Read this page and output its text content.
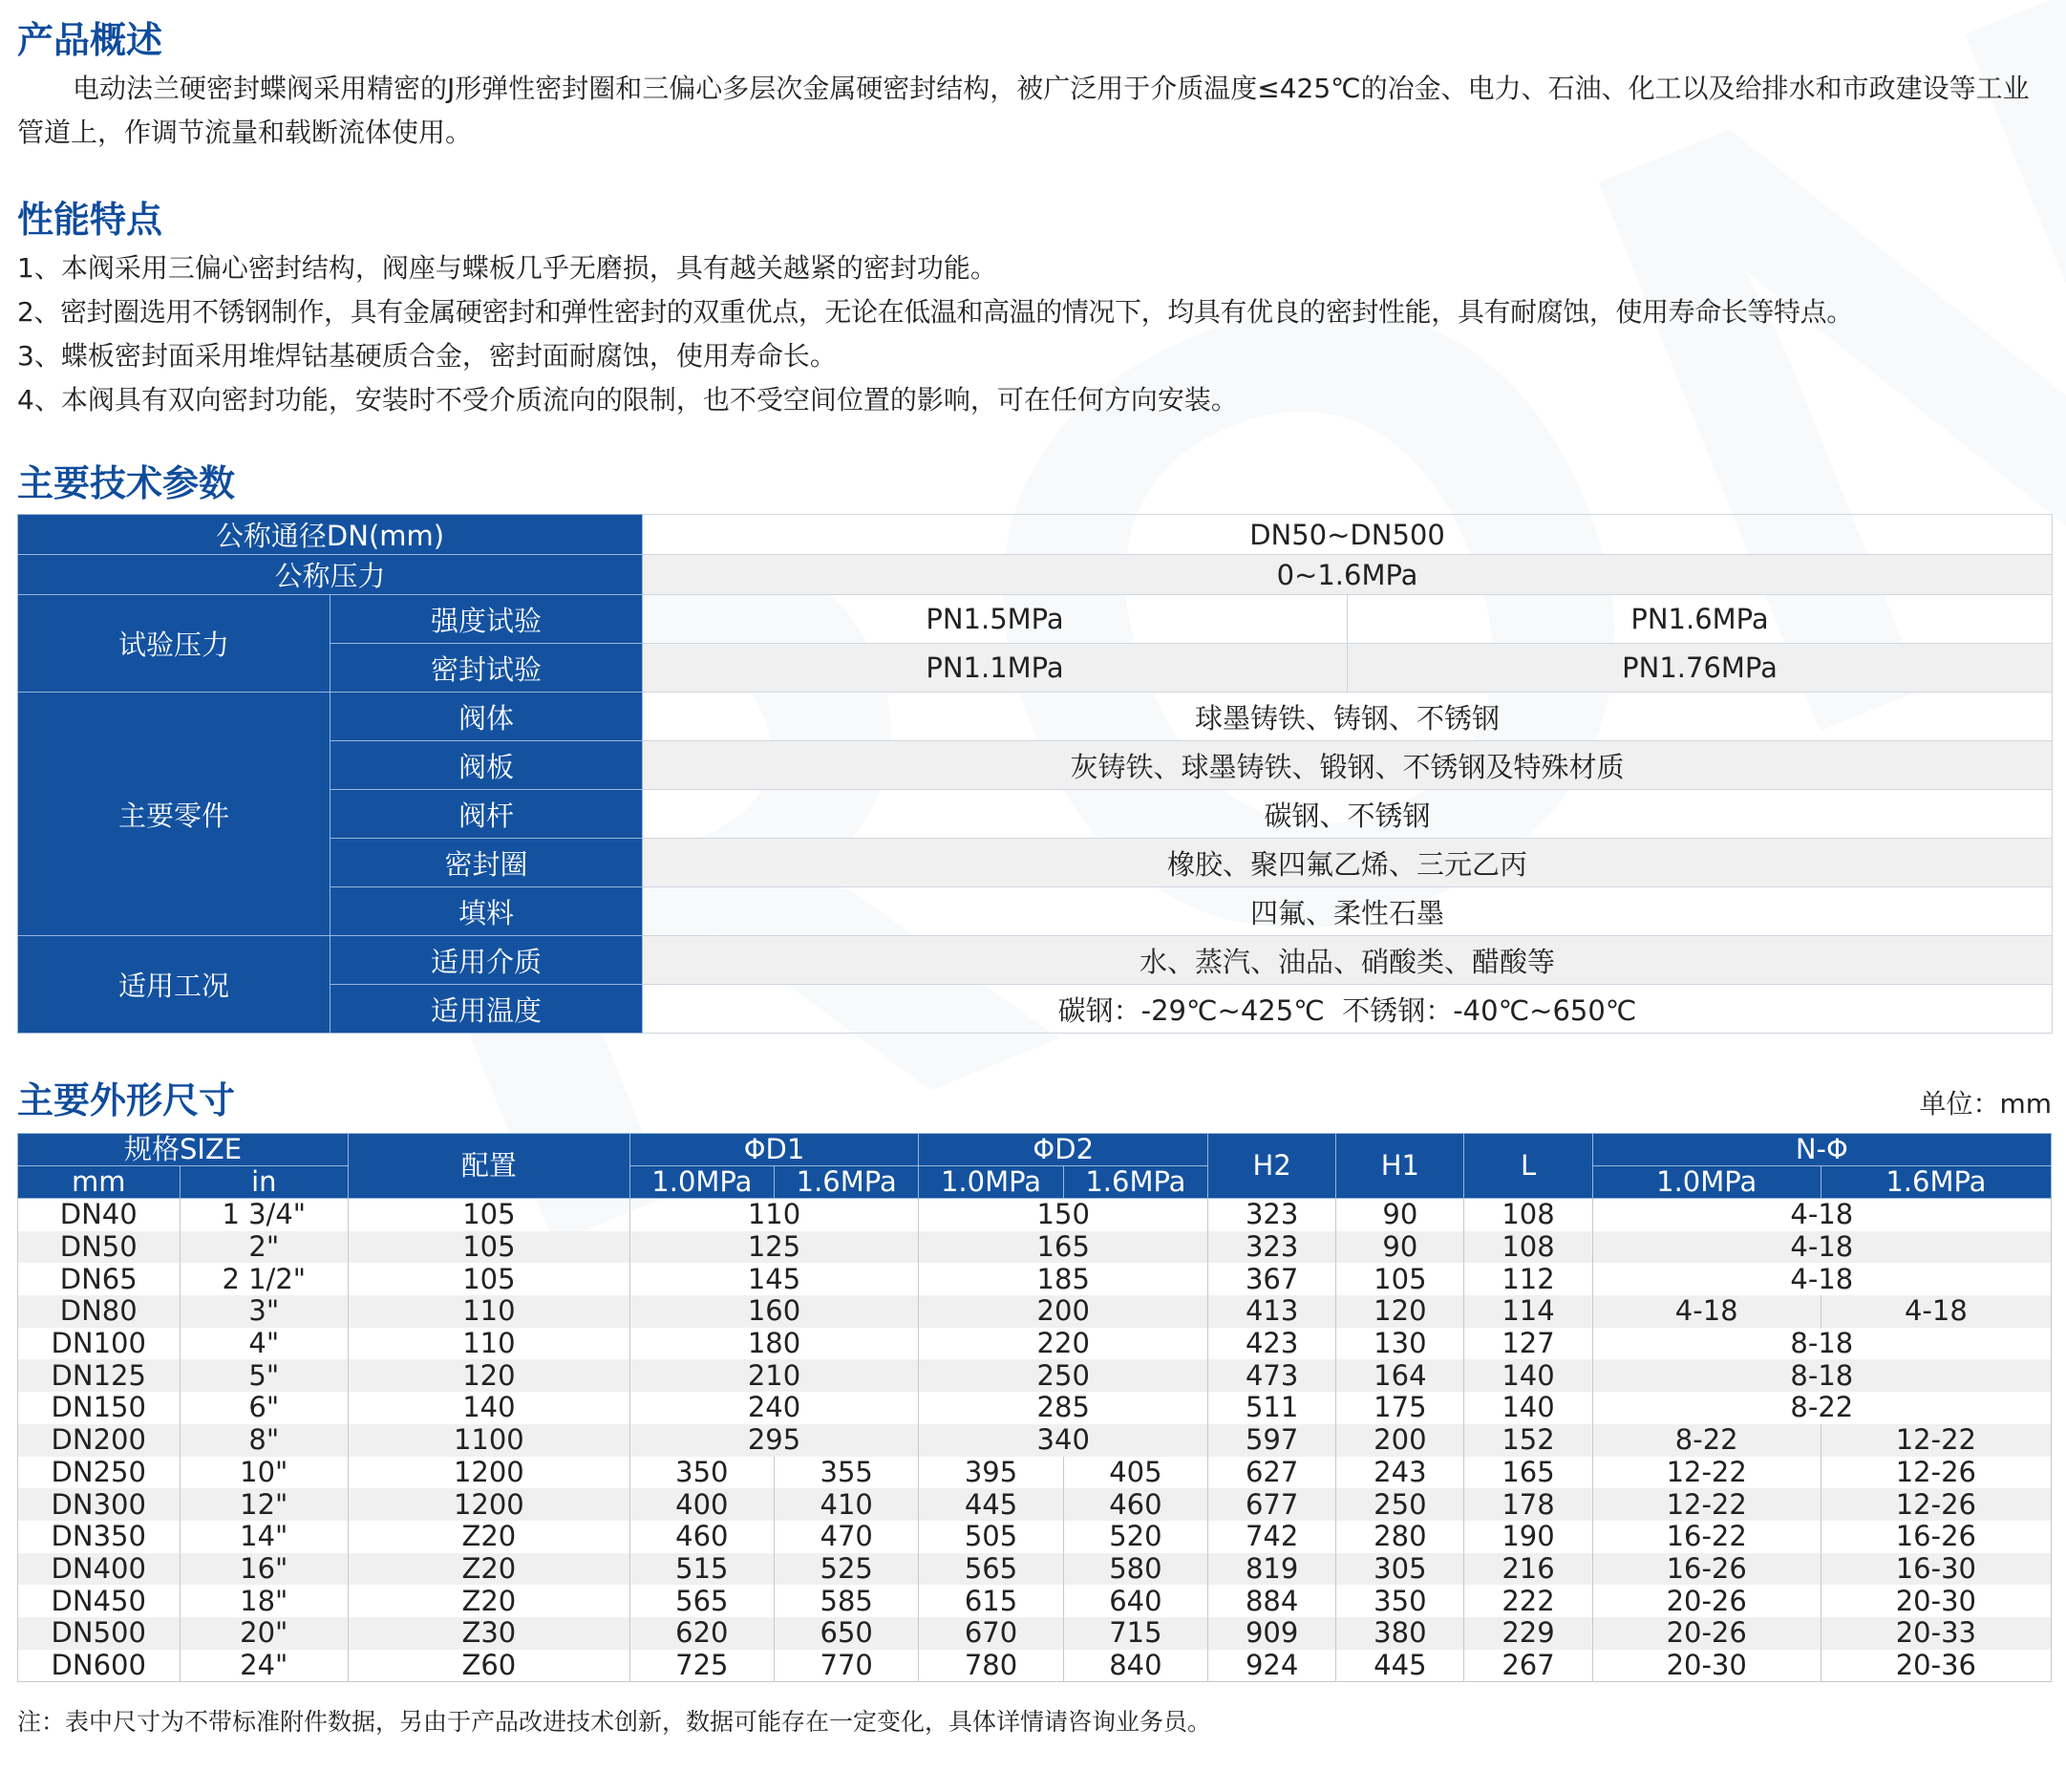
产品概述

电动法兰硬密封蝶阀采用精密的J形弹性密封圈和三偏心多层次金属硬密封结构，被广泛用于介质温度≤425℃的冶金、电力、石油、化工以及给排水和市政建设等工业管道上，作调节流量和载断流体使用。

性能特点

1、本阀采用三偏心密封结构，阀座与蝶板几乎无磨损，具有越关越紧的密封功能。

2、密封圈选用不锈钢制作，具有金属硬密封和弹性密封的双重优点，无论在低温和高温的情况下，均具有优良的密封性能，具有耐腐蚀，使用寿命长等特点。

3、蝶板密封面采用堆焊钴基硬质合金，密封面耐腐蚀，使用寿命长。

4、本阀具有双向密封功能，安装时不受介质流向的限制，也不受空间位置的影响，可在任何方向安装。

主要技术参数
公称通径DN(mm)		DN50~DN500	
公称压力		0~1.6MPa	
试验压力	强度试验	PN1.5MPa	PN1.6MPa
	密封试验	PN1.1MPa	PN1.76MPa
主要零件	阀体	球墨铸铁、铸钢、不锈钢	
	阀板	灰铸铁、球墨铸铁、锻钢、不锈钢及特殊材质	
	阀杆	碳钢、不锈钢	
	密封圈	橡胶、聚四氟乙烯、三元乙丙	
	填料	四氟、柔性石墨	
适用工况	适用介质	水、蒸汽、油品、硝酸类、醋酸等	
	适用温度	碳钢：-29℃~425℃  不锈钢：-40℃~650℃	
主要外形尺寸	单位：mm
规格SIZE		配置	ΦD1		ΦD2		H2	H1	L	N-Φ	
mm	in		1.0MPa	1.6MPa	1.0MPa	1.6MPa				1.0MPa	1.6MPa
DN40	1 3/4"	105	110		150		323	90	108	4-18	
DN50	2"	105	125		165		323	90	108	4-18	
DN65	2 1/2"	105	145		185		367	105	112	4-18	
DN80	3"	110	160		200		413	120	114	4-18	4-18
DN100	4"	110	180		220		423	130	127	8-18	
DN125	5"	120	210		250		473	164	140	8-18	
DN150	6"	140	240		285		511	175	140	8-22	
DN200	8"	1100	295		340		597	200	152	8-22	12-22
DN250	10"	1200	350	355	395	405	627	243	165	12-22	12-26
DN300	12"	1200	400	410	445	460	677	250	178	12-22	12-26
DN350	14"	Z20	460	470	505	520	742	280	190	16-22	16-26
DN400	16"	Z20	515	525	565	580	819	305	216	16-26	16-30
DN450	18"	Z20	565	585	615	640	884	350	222	20-26	20-30
DN500	20"	Z30	620	650	670	715	909	380	229	20-26	20-33
DN600	24"	Z60	725	770	780	840	924	445	267	20-30	20-36

注：表中尺寸为不带标准附件数据，另由于产品改进技术创新，数据可能存在一定变化，具体详情请咨询业务员。
